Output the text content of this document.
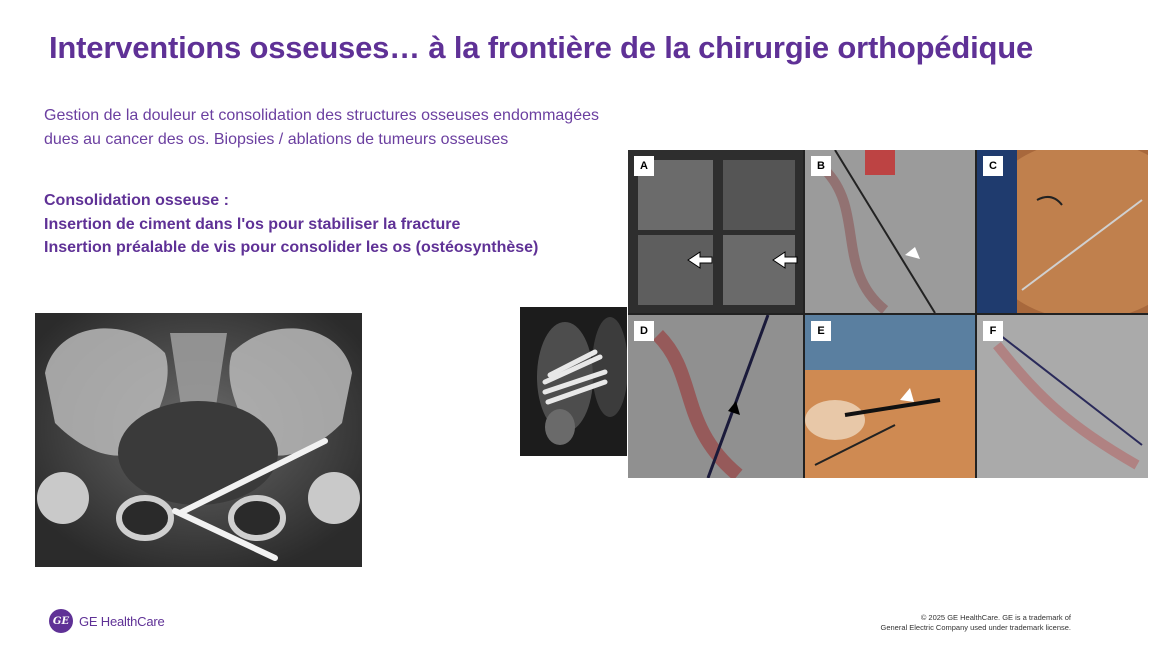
Interventions osseuses… à la frontière de la chirurgie orthopédique
Gestion de la douleur et consolidation des structures osseuses endommagées
dues au cancer des os. Biopsies / ablations de tumeurs osseuses
Consolidation osseuse :
Insertion de ciment dans l'os pour stabiliser la fracture
Insertion préalable de vis pour consolider les os (ostéosynthèse)
A	B	C
D	E	F
GE GE HealthCare	© 2025 GE HealthCare. GE is a trademark of
General Electric Company used under trademark license.
